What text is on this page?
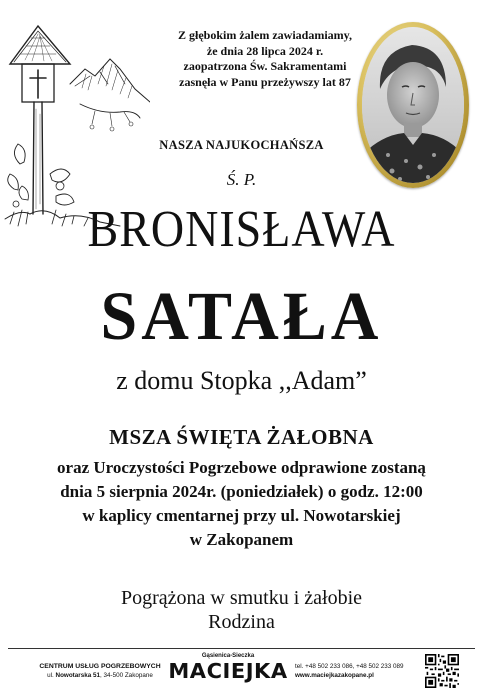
Z głębokim żalem zawiadamiamy,
że dnia 28 lipca 2024 r.
zaopatrzona Św. Sakramentami
zasnęła w Panu przeżywszy lat 87
NASZA NAJUKOCHAŃSZA
Ś. P.
BRONISŁAWA
SATAŁA
z domu Stopka ,,Adam”
MSZA ŚWIĘTA ŻAŁOBNA
oraz Uroczystości Pogrzebowe odprawione zostaną
dnia 5 sierpnia 2024r. (poniedziałek) o godz. 12:00
w kaplicy cmentarnej przy ul. Nowotarskiej
w Zakopanem
Pogrążona w smutku i żałobie
Rodzina
CENTRUM USŁUG POGRZEBOWYCH
ul. Nowotarska 51, 34-500 Zakopane
Gąsienica-Sieczka
MACIEJKA	tel. +48 502 233 086, +48 502 233 089
www.maciejkazakopane.pl
